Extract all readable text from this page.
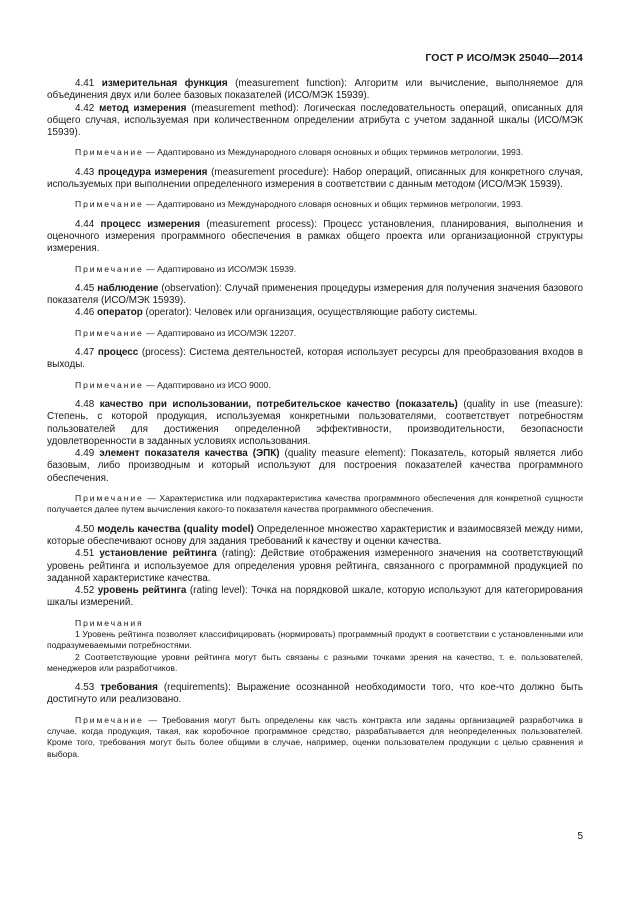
ГОСТ Р ИСО/МЭК 25040—2014

4.41 измерительная функция (measurement function): Алгоритм или вычисление, выполняемое для объединения двух или более базовых показателей (ИСО/МЭК 15939).

4.42 метод измерения (measurement method): Логическая последовательность операций, описанных для общего случая, используемая при количественном определении атрибута с учетом заданной шкалы (ИСО/МЭК 15939).

Примечание — Адаптировано из Международного словаря основных и общих терминов метрологии, 1993.

4.43 процедура измерения (measurement procedure): Набор операций, описанных для конкретного случая, используемых при выполнении определенного измерения в соответствии с данным методом (ИСО/МЭК 15939).

Примечание — Адаптировано из Международного словаря основных и общих терминов метрологии, 1993.

4.44 процесс измерения (measurement process): Процесс установления, планирования, выполнения и оценочного измерения программного обеспечения в рамках общего проекта или организационной структуры измерения.

Примечание — Адаптировано из ИСО/МЭК 15939.

4.45 наблюдение (observation): Случай применения процедуры измерения для получения значения базового показателя (ИСО/МЭК 15939).

4.46 оператор (operator): Человек или организация, осуществляющие работу системы.

Примечание — Адаптировано из ИСО/МЭК 12207.

4.47 процесс (process): Система деятельностей, которая использует ресурсы для преобразования входов в выходы.

Примечание — Адаптировано из ИСО 9000.

4.48 качество при использовании, потребительское качество (показатель) (quality in use (measure): Степень, с которой продукция, используемая конкретными пользователями, соответствует потребностям пользователей для достижения определенной эффективности, производительности, безопасности удовлетворенности в заданных условиях использования.

4.49 элемент показателя качества (ЭПК) (quality measure element): Показатель, который является либо базовым, либо производным и который используют для построения показателей качества программного обеспечения.

Примечание — Характеристика или подхарактеристика качества программного обеспечения для конкретной сущности получается далее путем вычисления какого-то показателя качества программного обеспечения.

4.50 модель качества (quality model) Определенное множество характеристик и взаимосвязей между ними, которые обеспечивают основу для задания требований к качеству и оценки качества.

4.51 установление рейтинга (rating): Действие отображения измеренного значения на соответствующий уровень рейтинга и используемое для определения уровня рейтинга, связанного с программной продукцией по заданной характеристике качества.

4.52 уровень рейтинга (rating level): Точка на порядковой шкале, которую используют для категорирования шкалы измерений.

Примечания

1 Уровень рейтинга позволяет классифицировать (нормировать) программный продукт в соответствии с установленными или подразумеваемыми потребностями.

2 Соответствующие уровни рейтинга могут быть связаны с разными точками зрения на качество, т. е. пользователей, менеджеров или разработчиков.

4.53 требования (requirements): Выражение осознанной необходимости того, что кое-что должно быть достигнуто или реализовано.

Примечание — Требования могут быть определены как часть контракта или заданы организацией разработчика в случае, когда продукция, такая, как коробочное программное средство, разрабатывается для неопределенных пользователей. Кроме того, требования могут быть более общими в случае, например, оценки пользователем продукции с целью сравнения и выбора.

5
